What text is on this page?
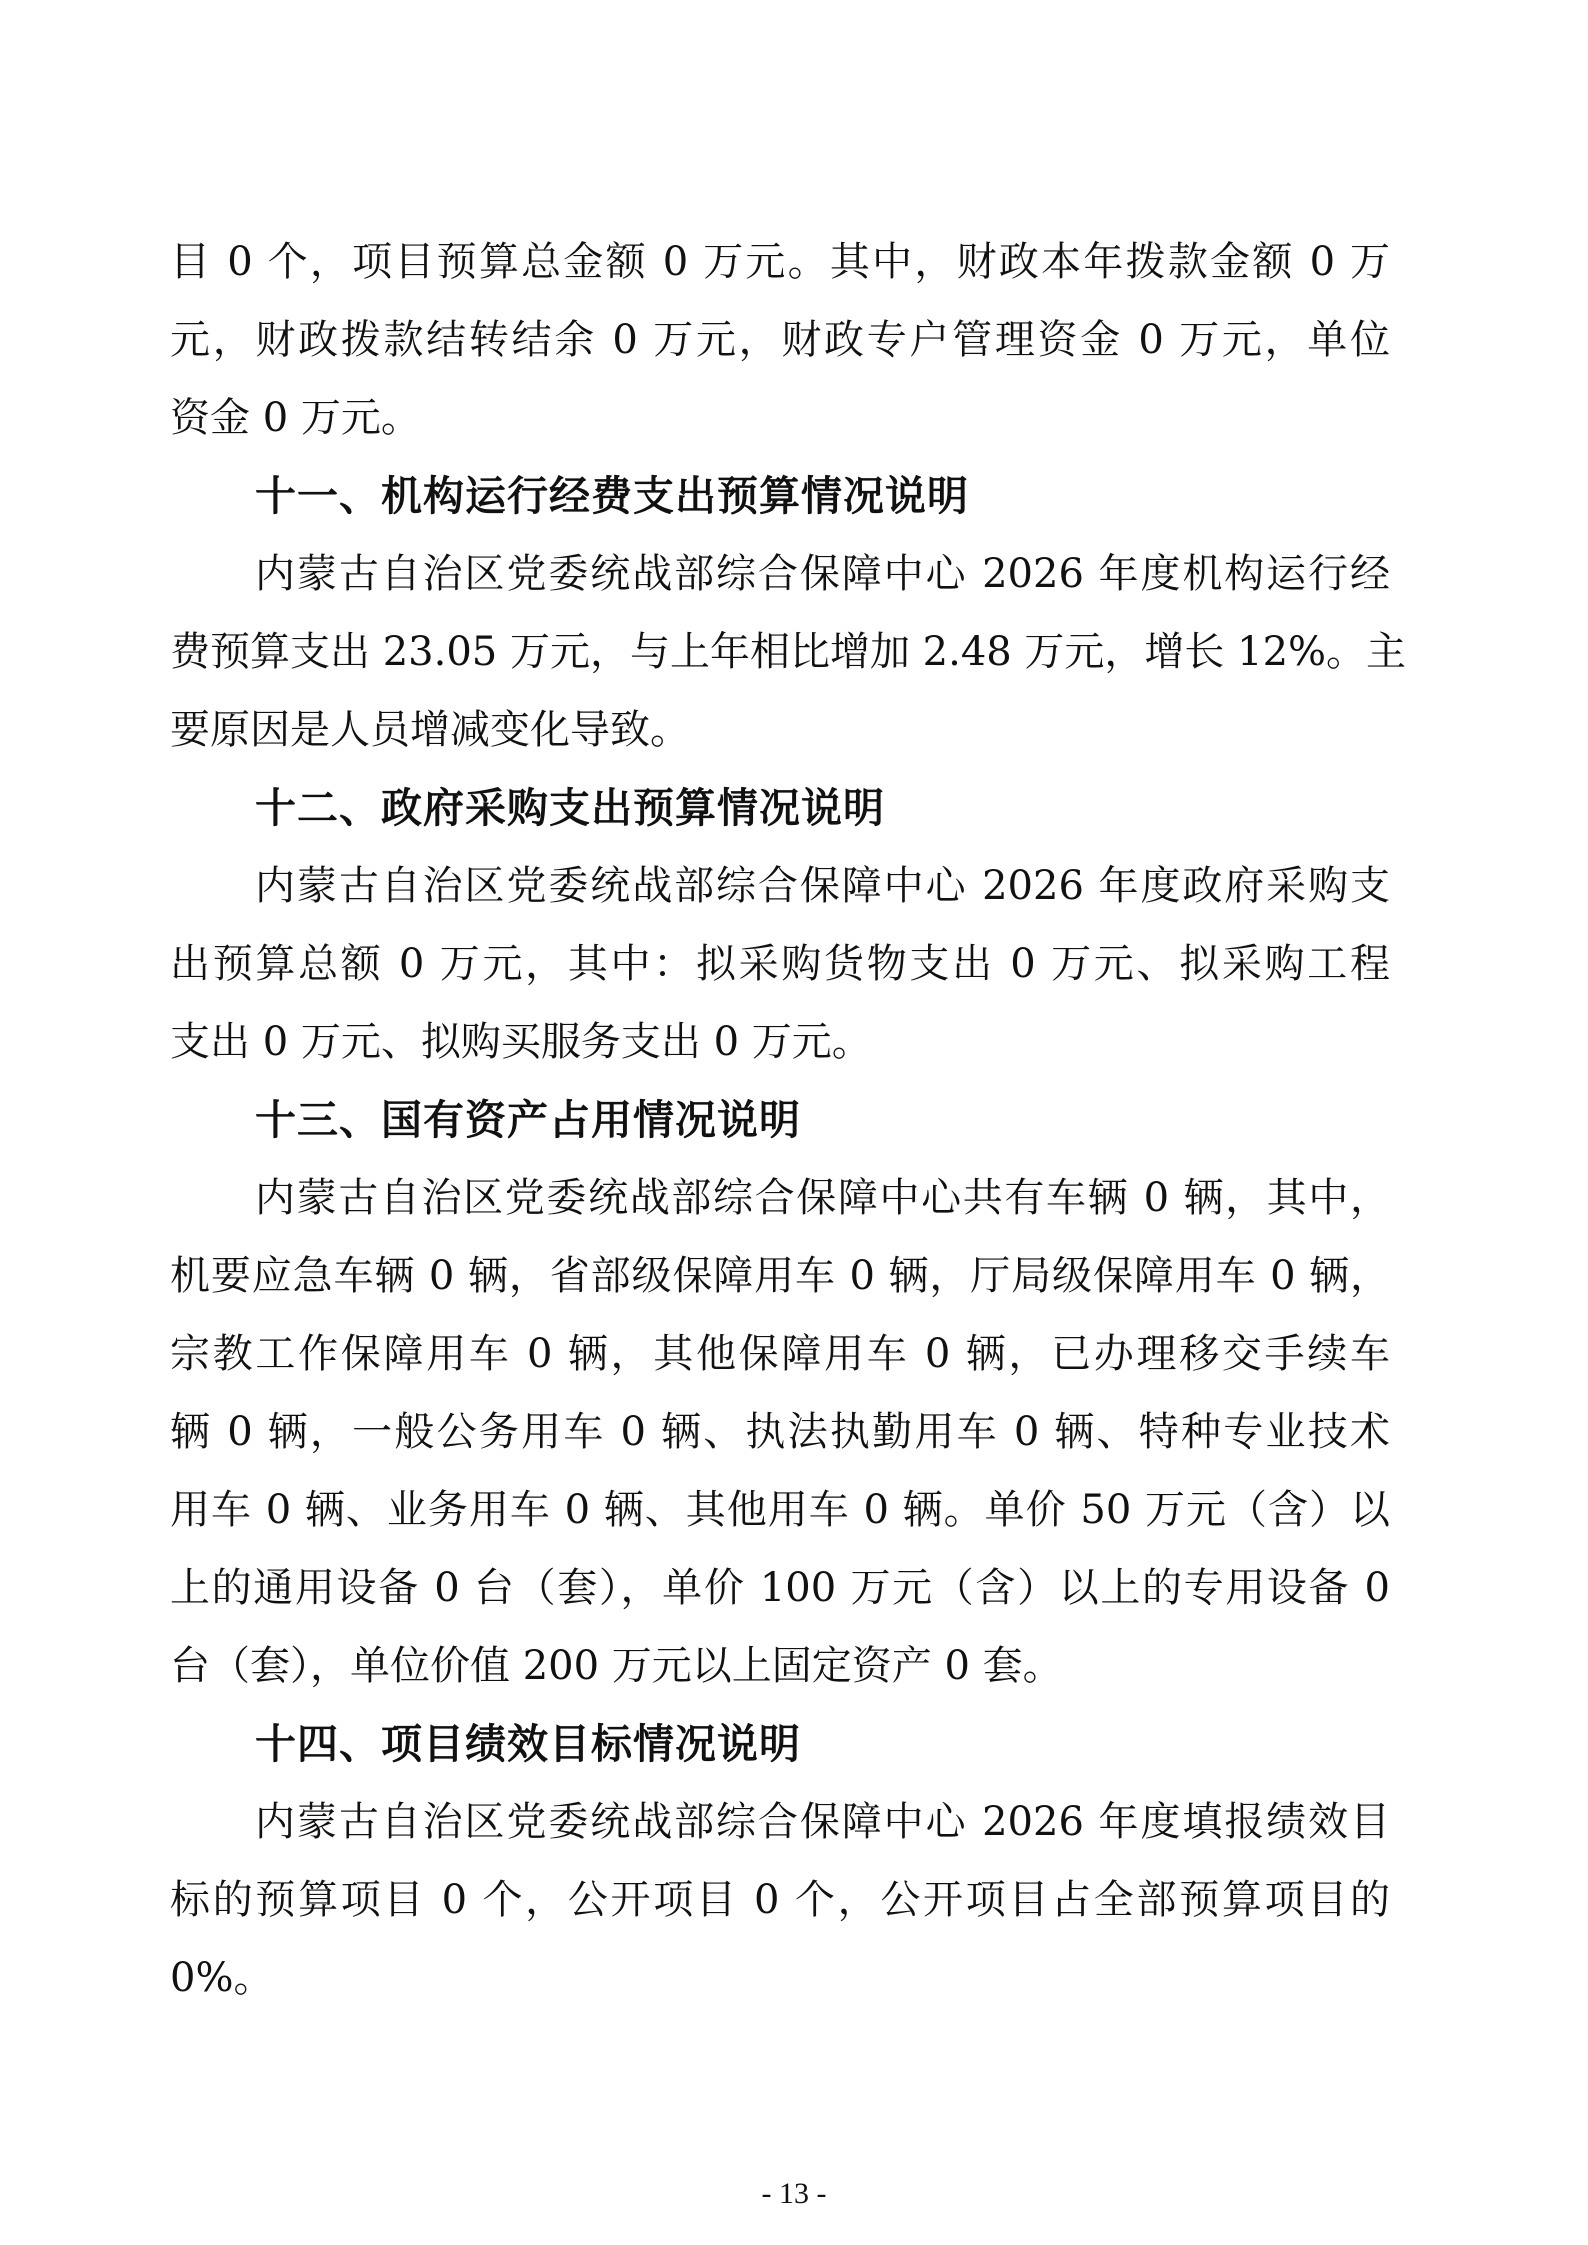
目 0 个，项目预算总金额 0 万元。其中，财政本年拨款金额 0 万
元，财政拨款结转结余 0 万元，财政专户管理资金 0 万元，单位
资金 0 万元。
十一、机构运行经费支出预算情况说明
内蒙古自治区党委统战部综合保障中心 2026 年度机构运行经
费预算支出 23.05 万元，与上年相比增加 2.48 万元，增长 12%。主
要原因是人员增减变化导致。
十二、政府采购支出预算情况说明
内蒙古自治区党委统战部综合保障中心 2026 年度政府采购支
出预算总额 0 万元，其中：拟采购货物支出 0 万元、拟采购工程
支出 0 万元、拟购买服务支出 0 万元。
十三、国有资产占用情况说明
内蒙古自治区党委统战部综合保障中心共有车辆 0 辆，其中，
机要应急车辆 0 辆，省部级保障用车 0 辆，厅局级保障用车 0 辆，
宗教工作保障用车 0 辆，其他保障用车 0 辆，已办理移交手续车
辆 0 辆，一般公务用车 0 辆、执法执勤用车 0 辆、特种专业技术
用车 0 辆、业务用车 0 辆、其他用车 0 辆。单价 50 万元（含）以
上的通用设备 0 台（套），单价 100 万元（含）以上的专用设备 0
台（套），单位价值 200 万元以上固定资产 0 套。
十四、项目绩效目标情况说明
内蒙古自治区党委统战部综合保障中心 2026 年度填报绩效目
标的预算项目 0 个，公开项目 0 个，公开项目占全部预算项目的
0%。
- 13 -
